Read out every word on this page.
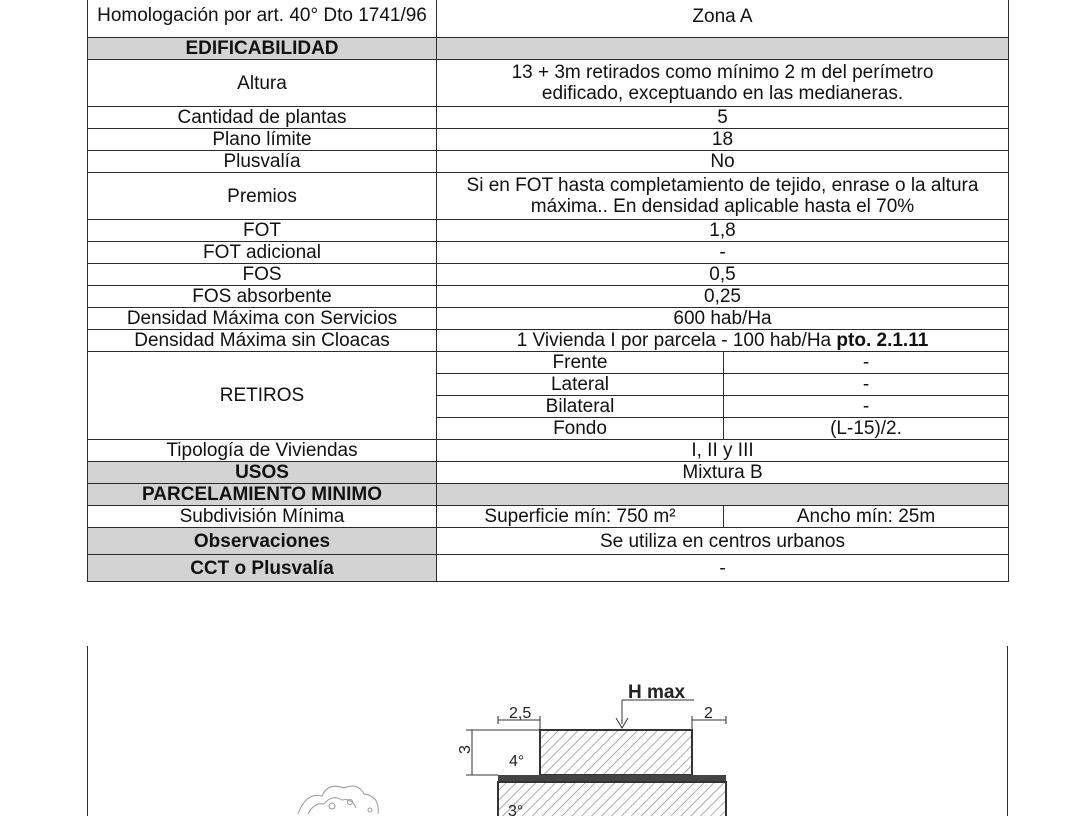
Homologación por art. 40° Dto 1741/96	Zona A	
EDIFICABILIDAD		
Altura	13 + 3m retirados como mínimo 2 m del perímetro edificado, exceptuando en las medianeras.	
Cantidad de plantas	5	
Plano límite	18	
Plusvalía	No	
Premios	Si en FOT hasta completamiento de tejido, enrase o la altura máxima.. En densidad aplicable hasta el 70%	
FOT	1,8	
FOT adicional	-	
FOS	0,5	
FOS absorbente	0,25	
Densidad Máxima con Servicios	600 hab/Ha	
Densidad Máxima sin Cloacas	1 Vivienda I por parcela - 100 hab/Ha pto. 2.1.11	
RETIROS	Frente	-
	Lateral	-
	Bilateral	-
	Fondo	(L-15)/2.
Tipología de Viviendas	I, II y III	
USOS	Mixtura B	
PARCELAMIENTO MINIMO		
Subdivisión Mínima	Superficie mín: 750 m²	Ancho mín: 25m
Observaciones	Se utiliza en centros urbanos	
CCT o Plusvalía	-	
H max
2,5	2
3
4°
3°
